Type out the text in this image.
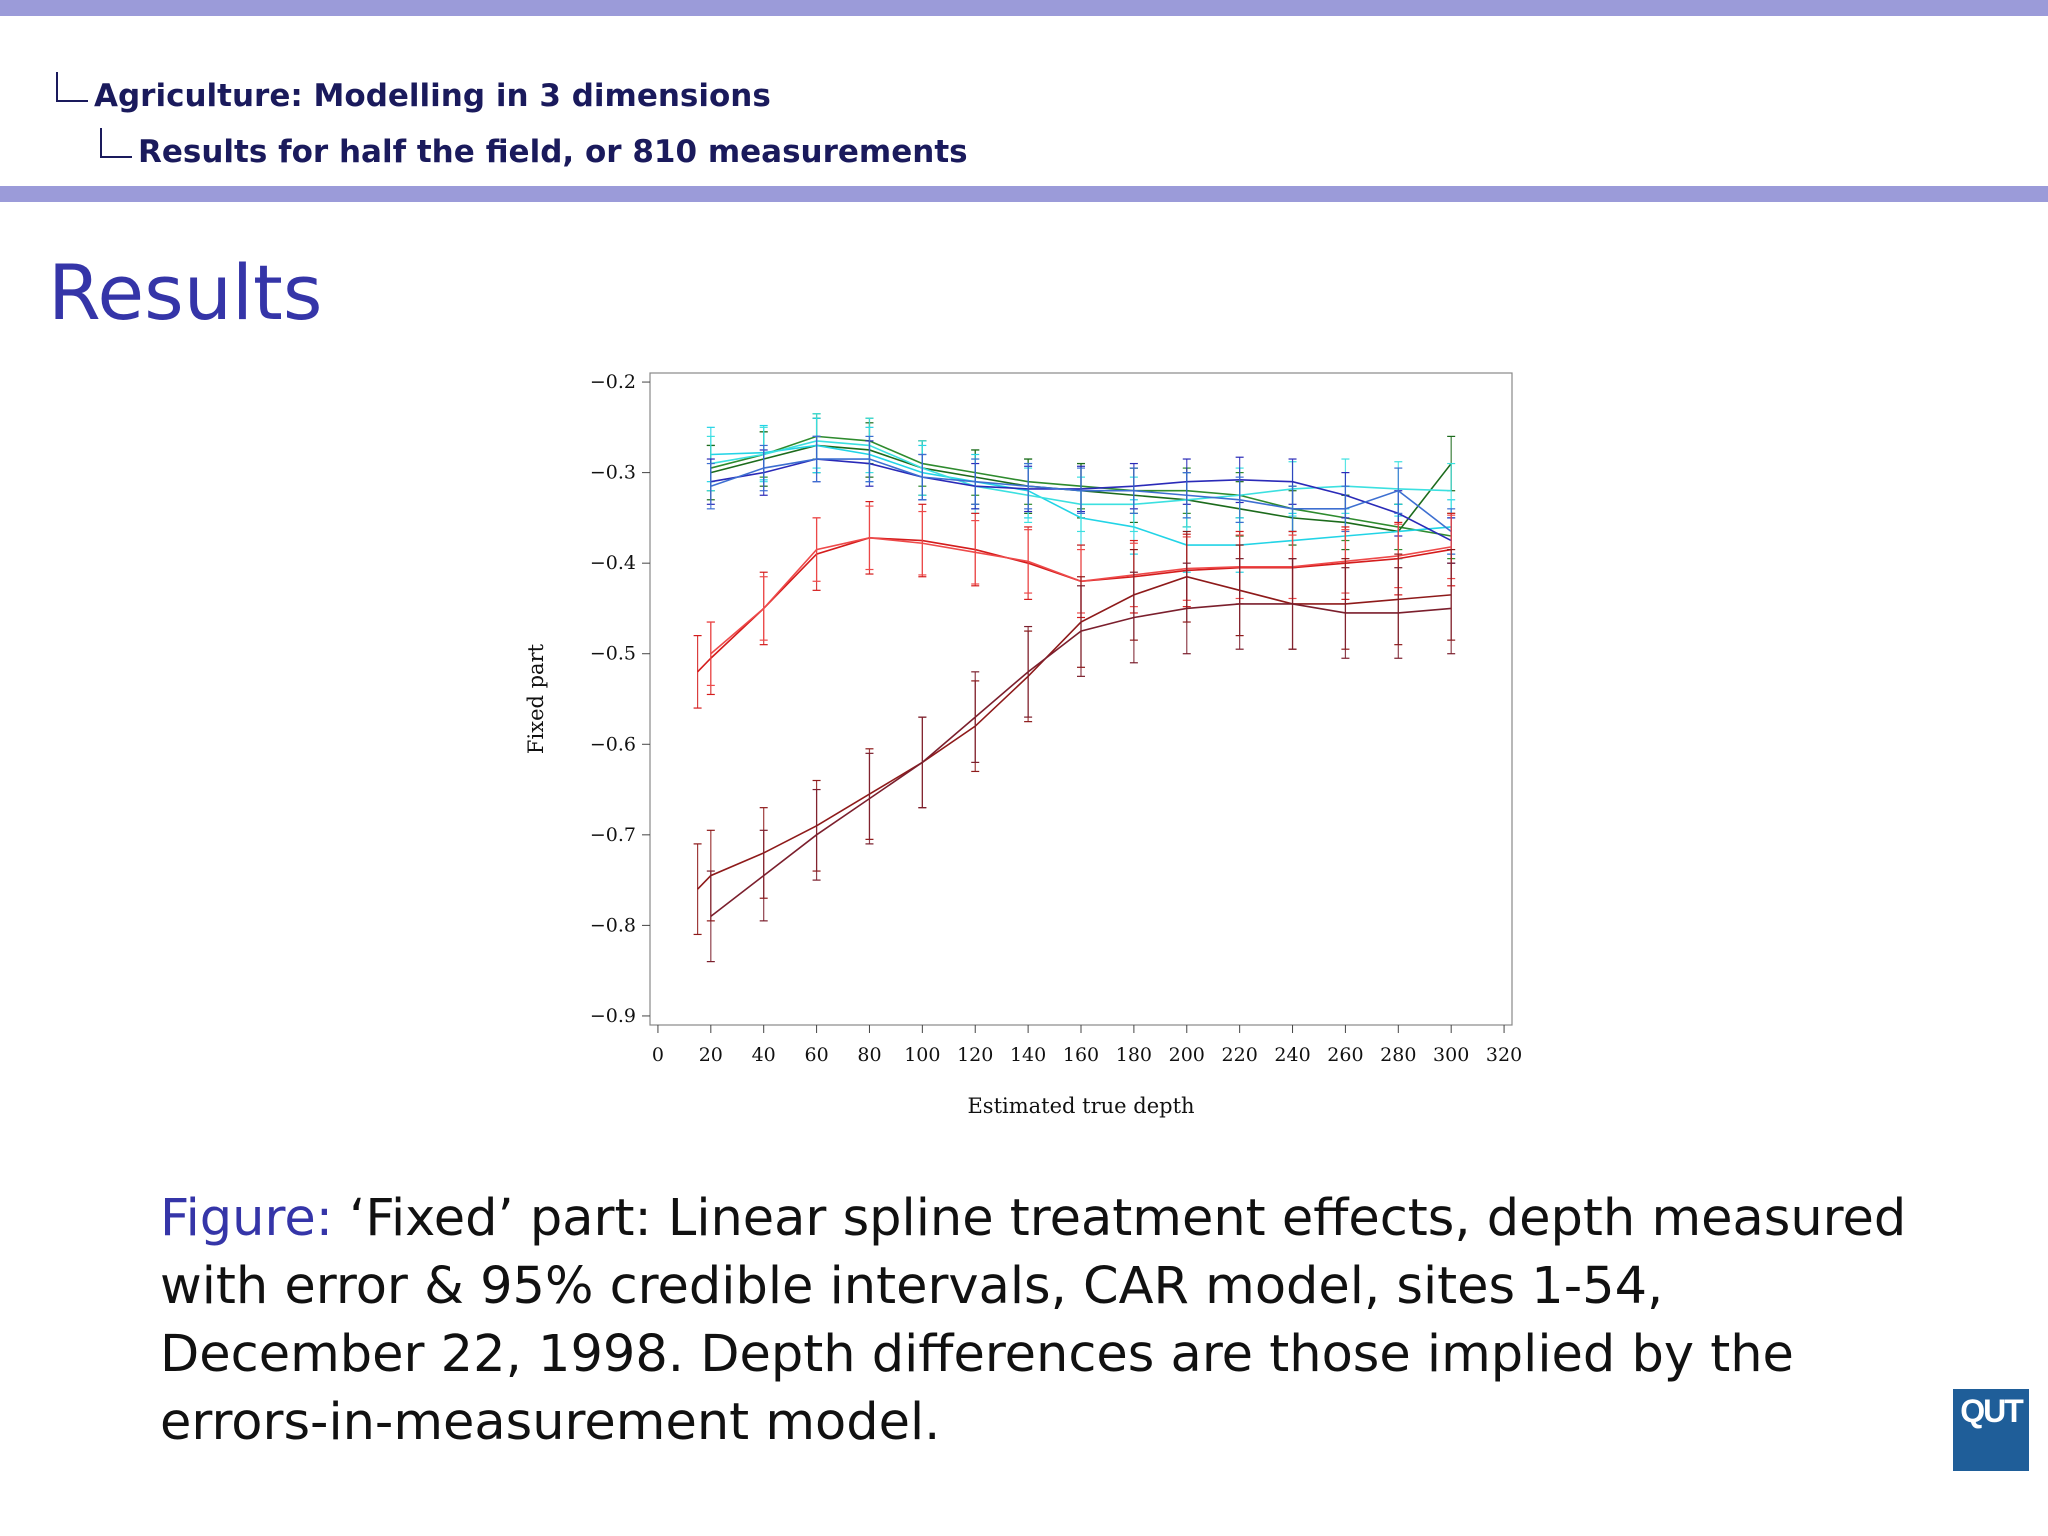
Agriculture: Modelling in 3 dimensions
Results for half the field, or 810 measurements
Results
0 20 40 60 80 100 120 140 160 180 200 220 240 260 280 300 320
−0.2
−0.3
−0.4
−0.5
−0.6
−0.7
−0.8
−0.9
Estimated true depth
Fixed part
Figure: ‘Fixed’ part: Linear spline treatment effects, depth measured with error & 95% credible intervals, CAR model, sites 1-54, December 22, 1998. Depth differences are those implied by the errors-in-measurement model.	QUT
